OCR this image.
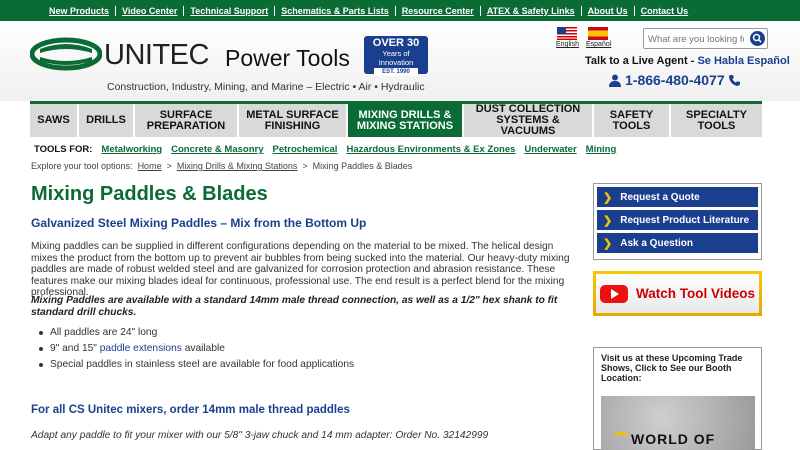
New Products	Video Center	Technical Support	Schematics & Parts Lists	Resource Center	ATEX & Safety Links	About Us	Contact Us
UNITEC Power Tools
Construction, Industry, Mining, and Marine – Electric • Air • Hydraulic
OVER 30
Years of
Innovation
EST. 1990
English Español
What are you looking for?
Talk to a Live Agent - Se Habla Español
1-866-480-4077
SAWS DRILLS	SURFACE
PREPARATION
METAL SURFACE
FINISHING
MIXING DRILLS &
MIXING STATIONS
DUST COLLECTION
SYSTEMS & VACUUMS
SAFETY
TOOLS
SPECIALTY
TOOLS
TOOLS FOR: Metalworking Concrete & Masonry Petrochemical Hazardous Environments & Ex Zones Underwater Mining
Explore your tool options: Home > Mixing Drills & Mixing Stations > Mixing Paddles & Blades
Mixing Paddles & Blades
Galvanized Steel Mixing Paddles – Mix from the Bottom Up

Mixing paddles can be supplied in different configurations depending on the material to be mixed. The helical design mixes the product from the bottom up to prevent air bubbles from being sucked into the material. Our heavy-duty mixing paddles are made of robust welded steel and are galvanized for corrosion protection and abrasion resistance. These features make our mixing blades ideal for continuous, professional use. The end result is a perfect blend for the mixing professional.

Mixing Paddles are available with a standard 14mm male thread connection, as well as a 1/2" hex shank to fit standard drill chucks.

All paddles are 24" long
9" and 15" paddle extensions available
Special paddles in stainless steel are available for food applications
For all CS Unitec mixers, order 14mm male thread paddles

Adapt any paddle to fit your mixer with our 5/8" 3-jaw chuck and 14 mm adapter: Order No. 32142999

❯ Request a Quote
❯ Request Product Literature
❯ Ask a Question
Watch Tool Videos
Visit us at these Upcoming Trade Shows, Click to See our Booth Location:
WORLD OF
